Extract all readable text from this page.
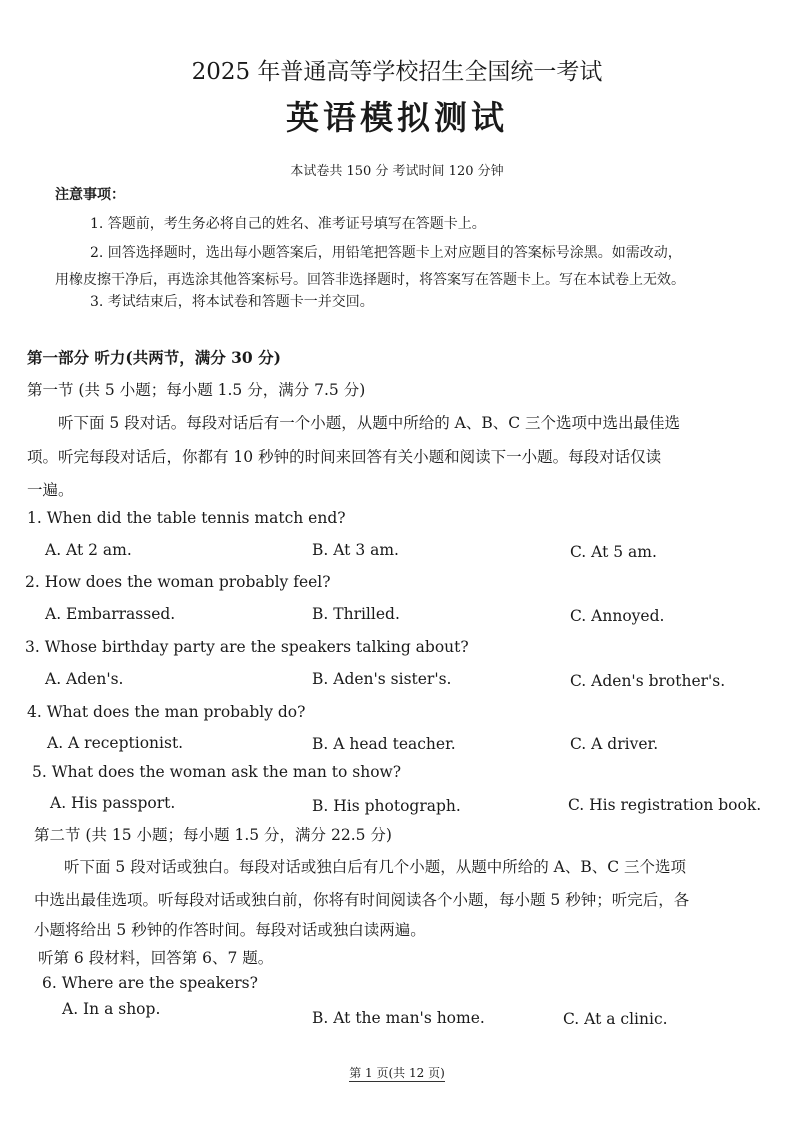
2025 年普通高等学校招生全国统一考试
英语模拟测试
本试卷共 150 分 考试时间 120 分钟
注意事项：
1. 答题前，考生务必将自己的姓名、准考证号填写在答题卡上。
2. 回答选择题时，选出每小题答案后，用铅笔把答题卡上对应题目的答案标号涂黑。如需改动，
用橡皮擦干净后，再选涂其他答案标号。回答非选择题时，将答案写在答题卡上。写在本试卷上无效。
3. 考试结束后，将本试卷和答题卡一并交回。
第一部分 听力(共两节，满分 30 分)
第一节 (共 5 小题；每小题 1.5 分，满分 7.5 分)
听下面 5 段对话。每段对话后有一个小题，从题中所给的 A、B、C 三个选项中选出最佳选
项。听完每段对话后，你都有 10 秒钟的时间来回答有关小题和阅读下一小题。每段对话仅读
一遍。
1. When did the table tennis match end?
A. At 2 am.	B. At 3 am.	C. At 5 am.
2. How does the woman probably feel?
A. Embarrassed.	B. Thrilled.	C. Annoyed.
3. Whose birthday party are the speakers talking about?
A. Aden's.	B. Aden's sister's.	C. Aden's brother's.
4. What does the man probably do?
A. A receptionist.	B. A head teacher.	C. A driver.
5. What does the woman ask the man to show?
A. His passport.	B. His photograph.	C. His registration book.
第二节 (共 15 小题；每小题 1.5 分，满分 22.5 分)
听下面 5 段对话或独白。每段对话或独白后有几个小题，从题中所给的 A、B、C 三个选项
中选出最佳选项。听每段对话或独白前，你将有时间阅读各个小题，每小题 5 秒钟；听完后，各
小题将给出 5 秒钟的作答时间。每段对话或独白读两遍。
听第 6 段材料，回答第 6、7 题。
6. Where are the speakers?
A. In a shop.	B. At the man's home.	C. At a clinic.
第 1 页(共 12 页)
